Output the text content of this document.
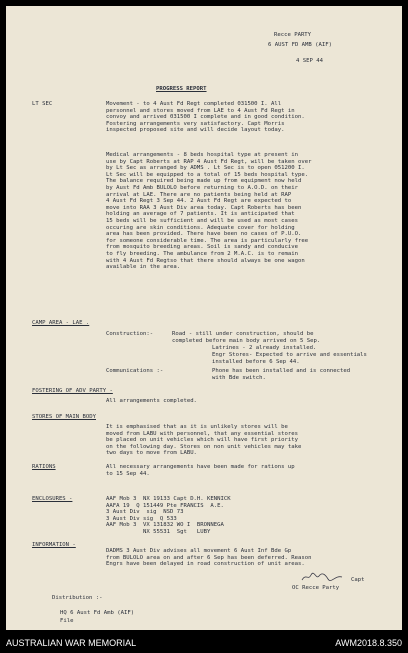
Recce PARTY
6 AUST FD AMB (AIF)
4 SEP 44
PROGRESS REPORT
LT SEC	Movement - to 4 Aust Fd Regt completed 031500 I. All
personnel and stores moved from LAE to 4 Aust Fd Regt in
convoy and arrived 031500 I complete and in good condition.
Fostering arrangements very satisfactory. Capt Morris
inspected proposed site and will decide layout today.
Medical arrangements - 8 beds hospital type at present in
use by Capt Roberts at RAP 4 Aust Fd Regt, will be taken over
by Lt Sec as arranged by ADMS . Lt Sec is to open 051200 I.
Lt Sec will be equipped to a total of 15 beds hospital type.
The balance required being made up from equipment now held
by Aust Fd Amb BULOLO before returning to A.O.D. on their
arrival at LAE. There are no patients being held at RAP
4 Aust Fd Regt 3 Sep 44. 2 Aust Fd Regt are expected to
move into RAA 3 Aust Div area today. Capt Roberts has been
holding an average of 7 patients. It is anticipated that
15 beds will be sufficient and will be used as most cases
occuring are skin conditions. Adequate cover for holding
area has been provided. There have been no cases of P.U.O.
for someone considerable time. The area is particularly free
from mosquito breeding areas. Soil is sandy and conducive
to fly breeding. The ambulance from 2 M.A.C. is to remain
with 4 Aust Fd Regtso that there should always be one wagon
available in the area.
CAMP AREA - LAE .
Construction:-	Road - still under construction, should be
completed before main body arrived on 5 Sep.
Latrines - 2 already installed.
Engr Stores- Expected to arrive and essentials
installed before 6 Sep 44.
Communications :-	Phone has been installed and is connected
with Bde switch.
FOSTERING OF ADV PARTY -
All arrangements completed.
STORES OF MAIN BODY
It is emphasised that as it is unlikely stores will be
moved from LABU with personnel, that any essential stores
be placed on unit vehicles which will have first priority
on the following day. Stores on non unit vehicles may take
two days to move from LABU.
RATIONS	All necessary arrangements have been made for rations up
to 15 Sep 44.
ENCLOSURES -	AAF Mob 3  NX 19133 Capt D.H. KENNICK
AAFA 19  Q 151449 Pte FRANCIS  A.E.
3 Aust Div  sig  NSD 73
3 Aust Div sig  Q 533
AAF Mob 3  VX 131832 WO I  BRONNEGA
NX 55531  Sgt   LUBY
INFORMATION -
DADMS 3 Aust Div advises all movement 6 Aust Inf Bde Gp
from BULOLO area on and after 6 Sep has been deferred. Reason
Engrs have been delayed in road construction of unit areas.
Capt
OC Recce Party
Distribution :-
HQ 6 Aust Fd Amb (AIF)
File
AUSTRALIAN WAR MEMORIAL	AWM2018.8.350
